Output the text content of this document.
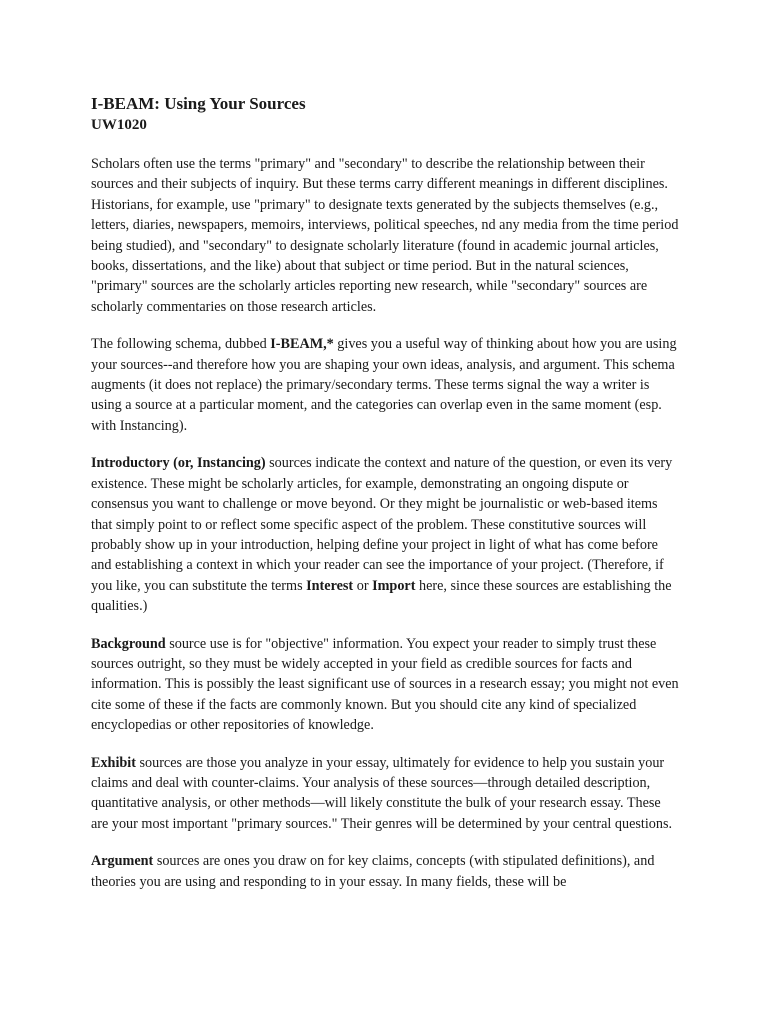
I-BEAM: Using Your Sources
UW1020

Scholars often use the terms "primary" and "secondary" to describe the relationship between their sources and their subjects of inquiry. But these terms carry different meanings in different disciplines. Historians, for example, use "primary" to designate texts generated by the subjects themselves (e.g., letters, diaries, newspapers, memoirs, interviews, political speeches, nd any media from the time period being studied), and "secondary" to designate scholarly literature (found in academic journal articles, books, dissertations, and the like) about that subject or time period. But in the natural sciences, "primary" sources are the scholarly articles reporting new research, while "secondary" sources are scholarly commentaries on those research articles.

The following schema, dubbed I-BEAM,* gives you a useful way of thinking about how you are using your sources--and therefore how you are shaping your own ideas, analysis, and argument. This schema augments (it does not replace) the primary/secondary terms. These terms signal the way a writer is using a source at a particular moment, and the categories can overlap even in the same moment (esp. with Instancing).

Introductory (or, Instancing) sources indicate the context and nature of the question, or even its very existence. These might be scholarly articles, for example, demonstrating an ongoing dispute or consensus you want to challenge or move beyond. Or they might be journalistic or web-based items that simply point to or reflect some specific aspect of the problem. These constitutive sources will probably show up in your introduction, helping define your project in light of what has come before and establishing a context in which your reader can see the importance of your project. (Therefore, if you like, you can substitute the terms Interest or Import here, since these sources are establishing the qualities.)

Background source use is for "objective" information. You expect your reader to simply trust these sources outright, so they must be widely accepted in your field as credible sources for facts and information. This is possibly the least significant use of sources in a research essay; you might not even cite some of these if the facts are commonly known. But you should cite any kind of specialized encyclopedias or other repositories of knowledge.

Exhibit sources are those you analyze in your essay, ultimately for evidence to help you sustain your claims and deal with counter-claims. Your analysis of these sources—through detailed description, quantitative analysis, or other methods—will likely constitute the bulk of your research essay. These are your most important "primary sources." Their genres will be determined by your central questions.

Argument sources are ones you draw on for key claims, concepts (with stipulated definitions), and theories you are using and responding to in your essay. In many fields, these will be
